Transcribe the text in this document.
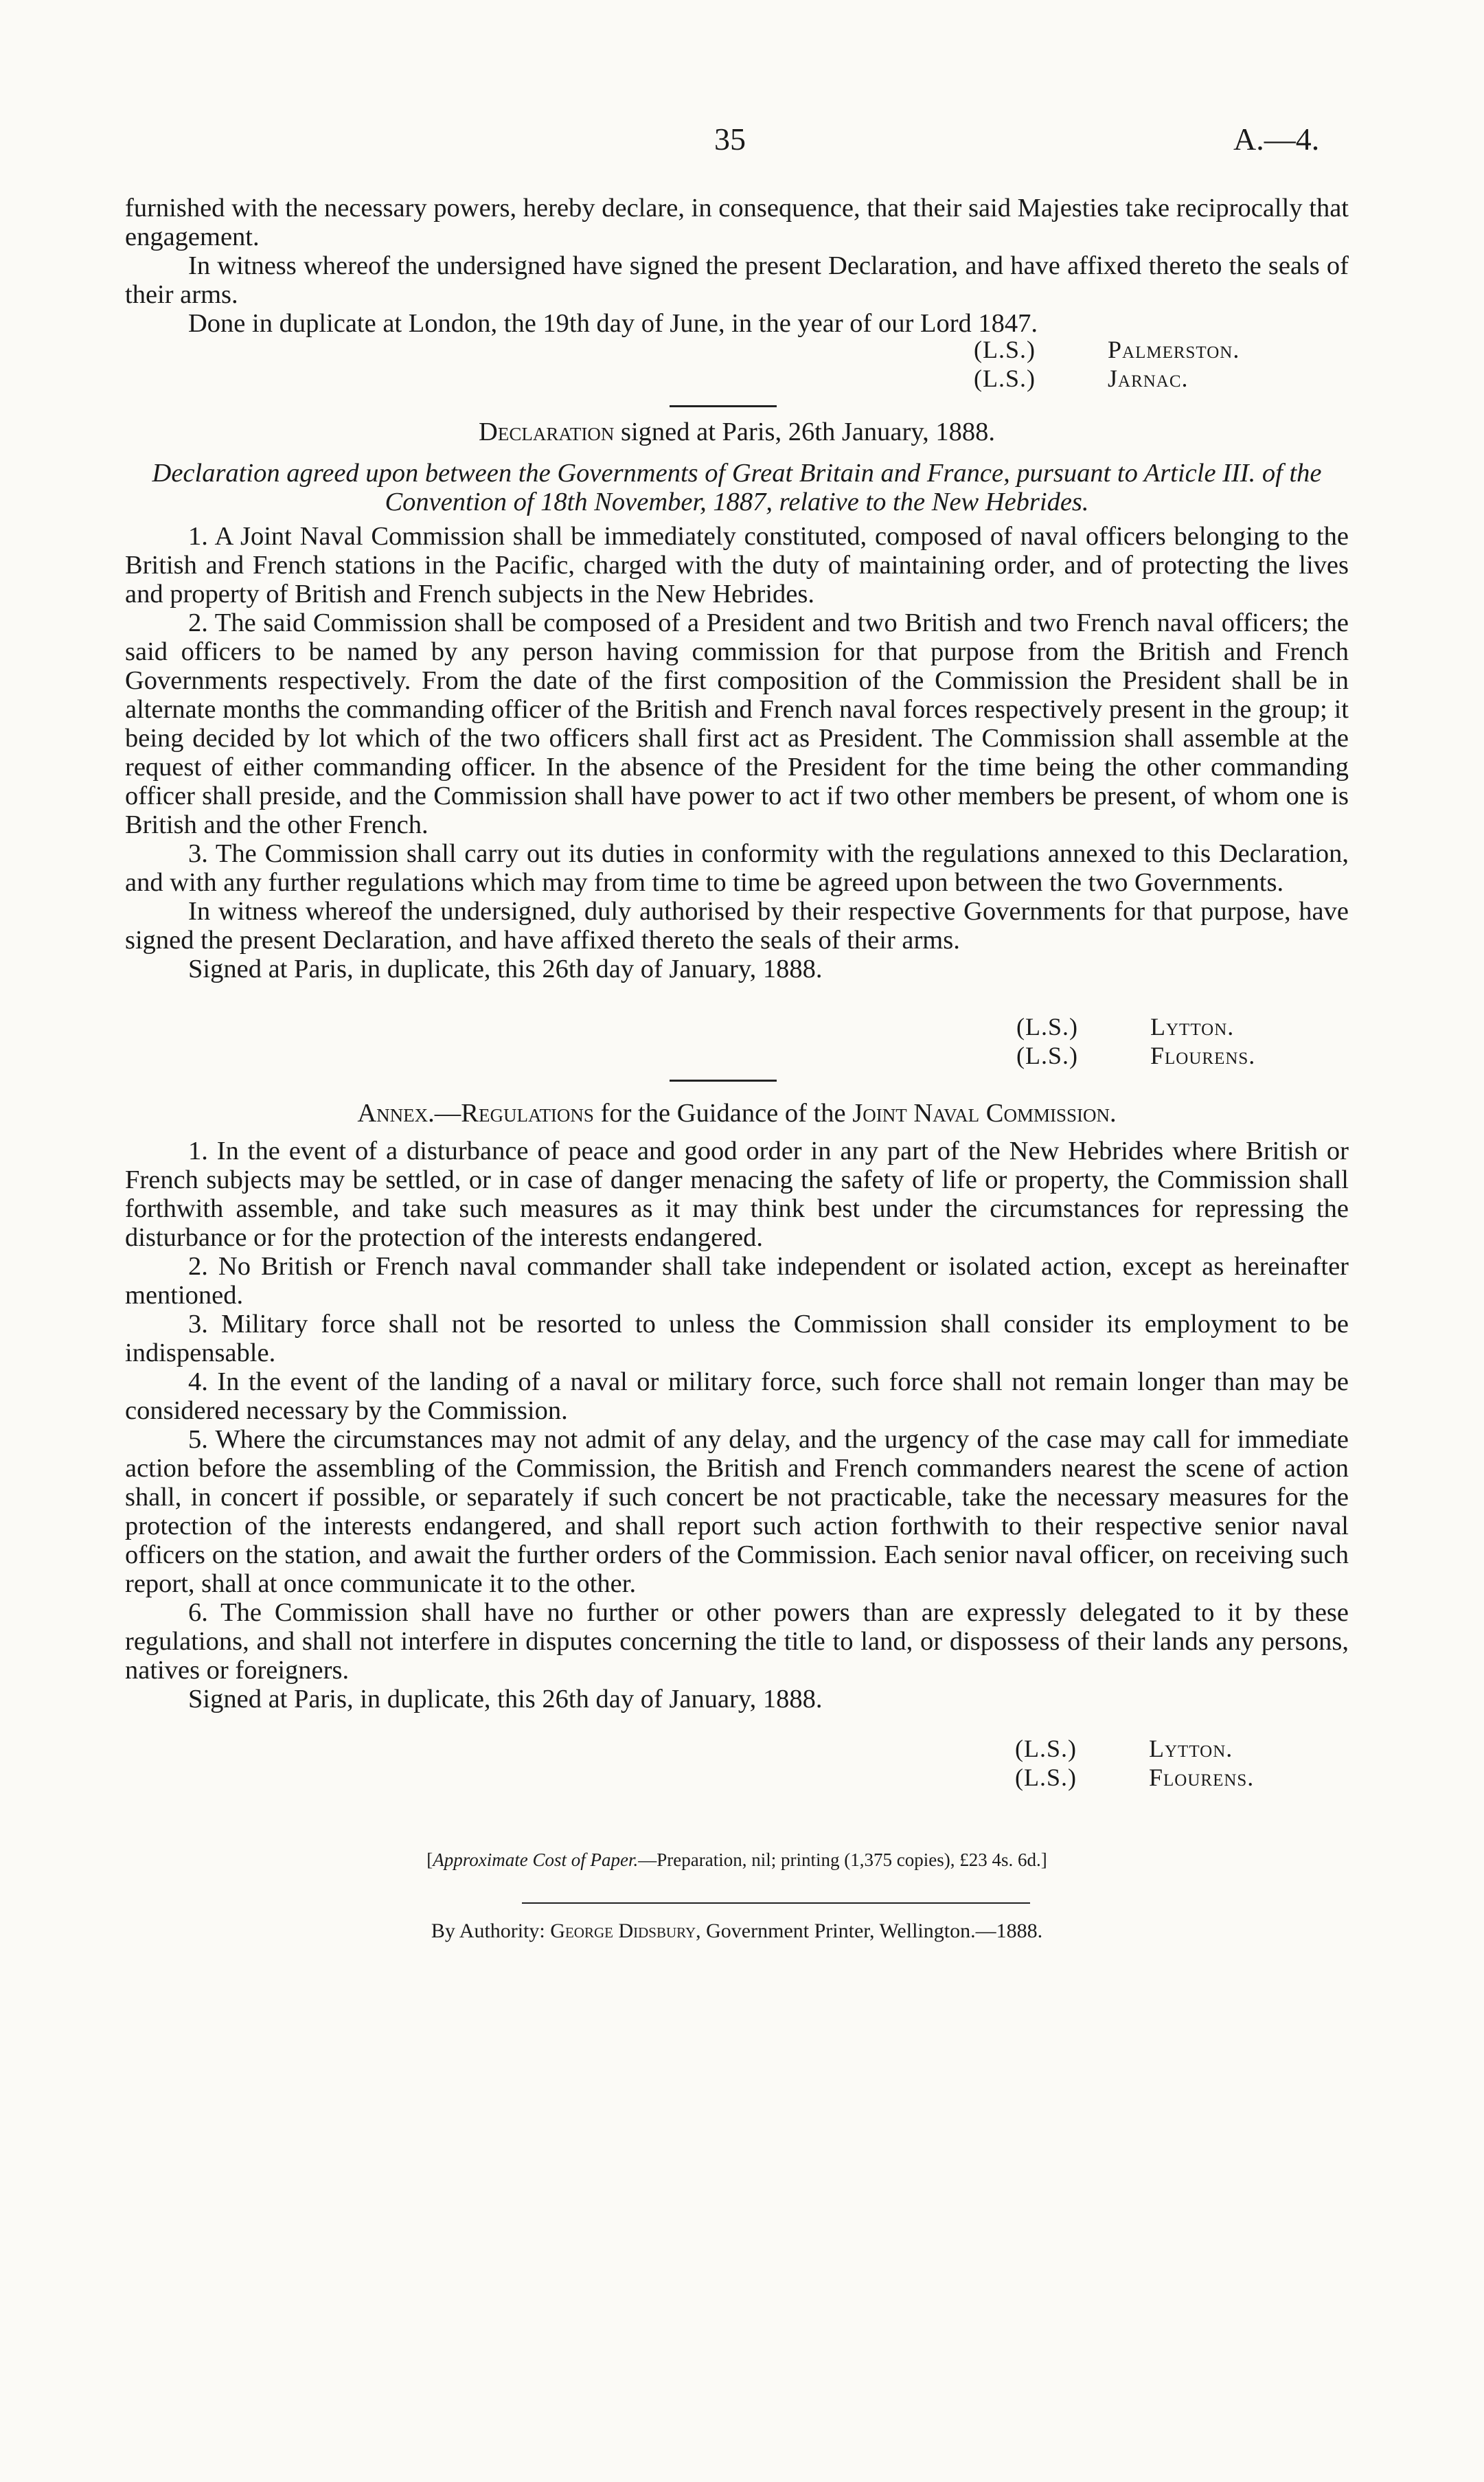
35	A.—4.

furnished with the necessary powers, hereby declare, in consequence, that their said Majesties take reciprocally that engagement.

In witness whereof the undersigned have signed the present Declaration, and have affixed thereto the seals of their arms.

Done in duplicate at London, the 19th day of June, in the year of our Lord 1847.

(L.S.)	Palmerston.
(L.S.)	Jarnac.
Declaration signed at Paris, 26th January, 1888.
Declaration agreed upon between the Governments of Great Britain and France, pursuant to Article III. of the Convention of 18th November, 1887, relative to the New Hebrides.

1. A Joint Naval Commission shall be immediately constituted, composed of naval officers belonging to the British and French stations in the Pacific, charged with the duty of maintaining order, and of protecting the lives and property of British and French subjects in the New Hebrides.

2. The said Commission shall be composed of a President and two British and two French naval officers; the said officers to be named by any person having commission for that purpose from the British and French Governments respectively. From the date of the first composition of the Commission the President shall be in alternate months the commanding officer of the British and French naval forces respectively present in the group; it being decided by lot which of the two officers shall first act as President. The Commission shall assemble at the request of either commanding officer. In the absence of the President for the time being the other commanding officer shall preside, and the Commission shall have power to act if two other members be present, of whom one is British and the other French.

3. The Commission shall carry out its duties in conformity with the regulations annexed to this Declaration, and with any further regulations which may from time to time be agreed upon between the two Governments.

In witness whereof the undersigned, duly authorised by their respective Governments for that purpose, have signed the present Declaration, and have affixed thereto the seals of their arms.

Signed at Paris, in duplicate, this 26th day of January, 1888.

(L.S.)	Lytton.
(L.S.)	Flourens.
Annex.—Regulations for the Guidance of the Joint Naval Commission.

1. In the event of a disturbance of peace and good order in any part of the New Hebrides where British or French subjects may be settled, or in case of danger menacing the safety of life or property, the Commission shall forthwith assemble, and take such measures as it may think best under the circumstances for repressing the disturbance or for the protection of the interests endangered.

2. No British or French naval commander shall take independent or isolated action, except as hereinafter mentioned.

3. Military force shall not be resorted to unless the Commission shall consider its employment to be indispensable.

4. In the event of the landing of a naval or military force, such force shall not remain longer than may be considered necessary by the Commission.

5. Where the circumstances may not admit of any delay, and the urgency of the case may call for immediate action before the assembling of the Commission, the British and French commanders nearest the scene of action shall, in concert if possible, or separately if such concert be not practicable, take the necessary measures for the protection of the interests endangered, and shall report such action forthwith to their respective senior naval officers on the station, and await the further orders of the Commission. Each senior naval officer, on receiving such report, shall at once communicate it to the other.

6. The Commission shall have no further or other powers than are expressly delegated to it by these regulations, and shall not interfere in disputes concerning the title to land, or dispossess of their lands any persons, natives or foreigners.

Signed at Paris, in duplicate, this 26th day of January, 1888.

(L.S.)	Lytton.
(L.S.)	Flourens.
[Approximate Cost of Paper.—Preparation, nil; printing (1,375 copies), £23 4s. 6d.]
By Authority: George Didsbury, Government Printer, Wellington.—1888.
